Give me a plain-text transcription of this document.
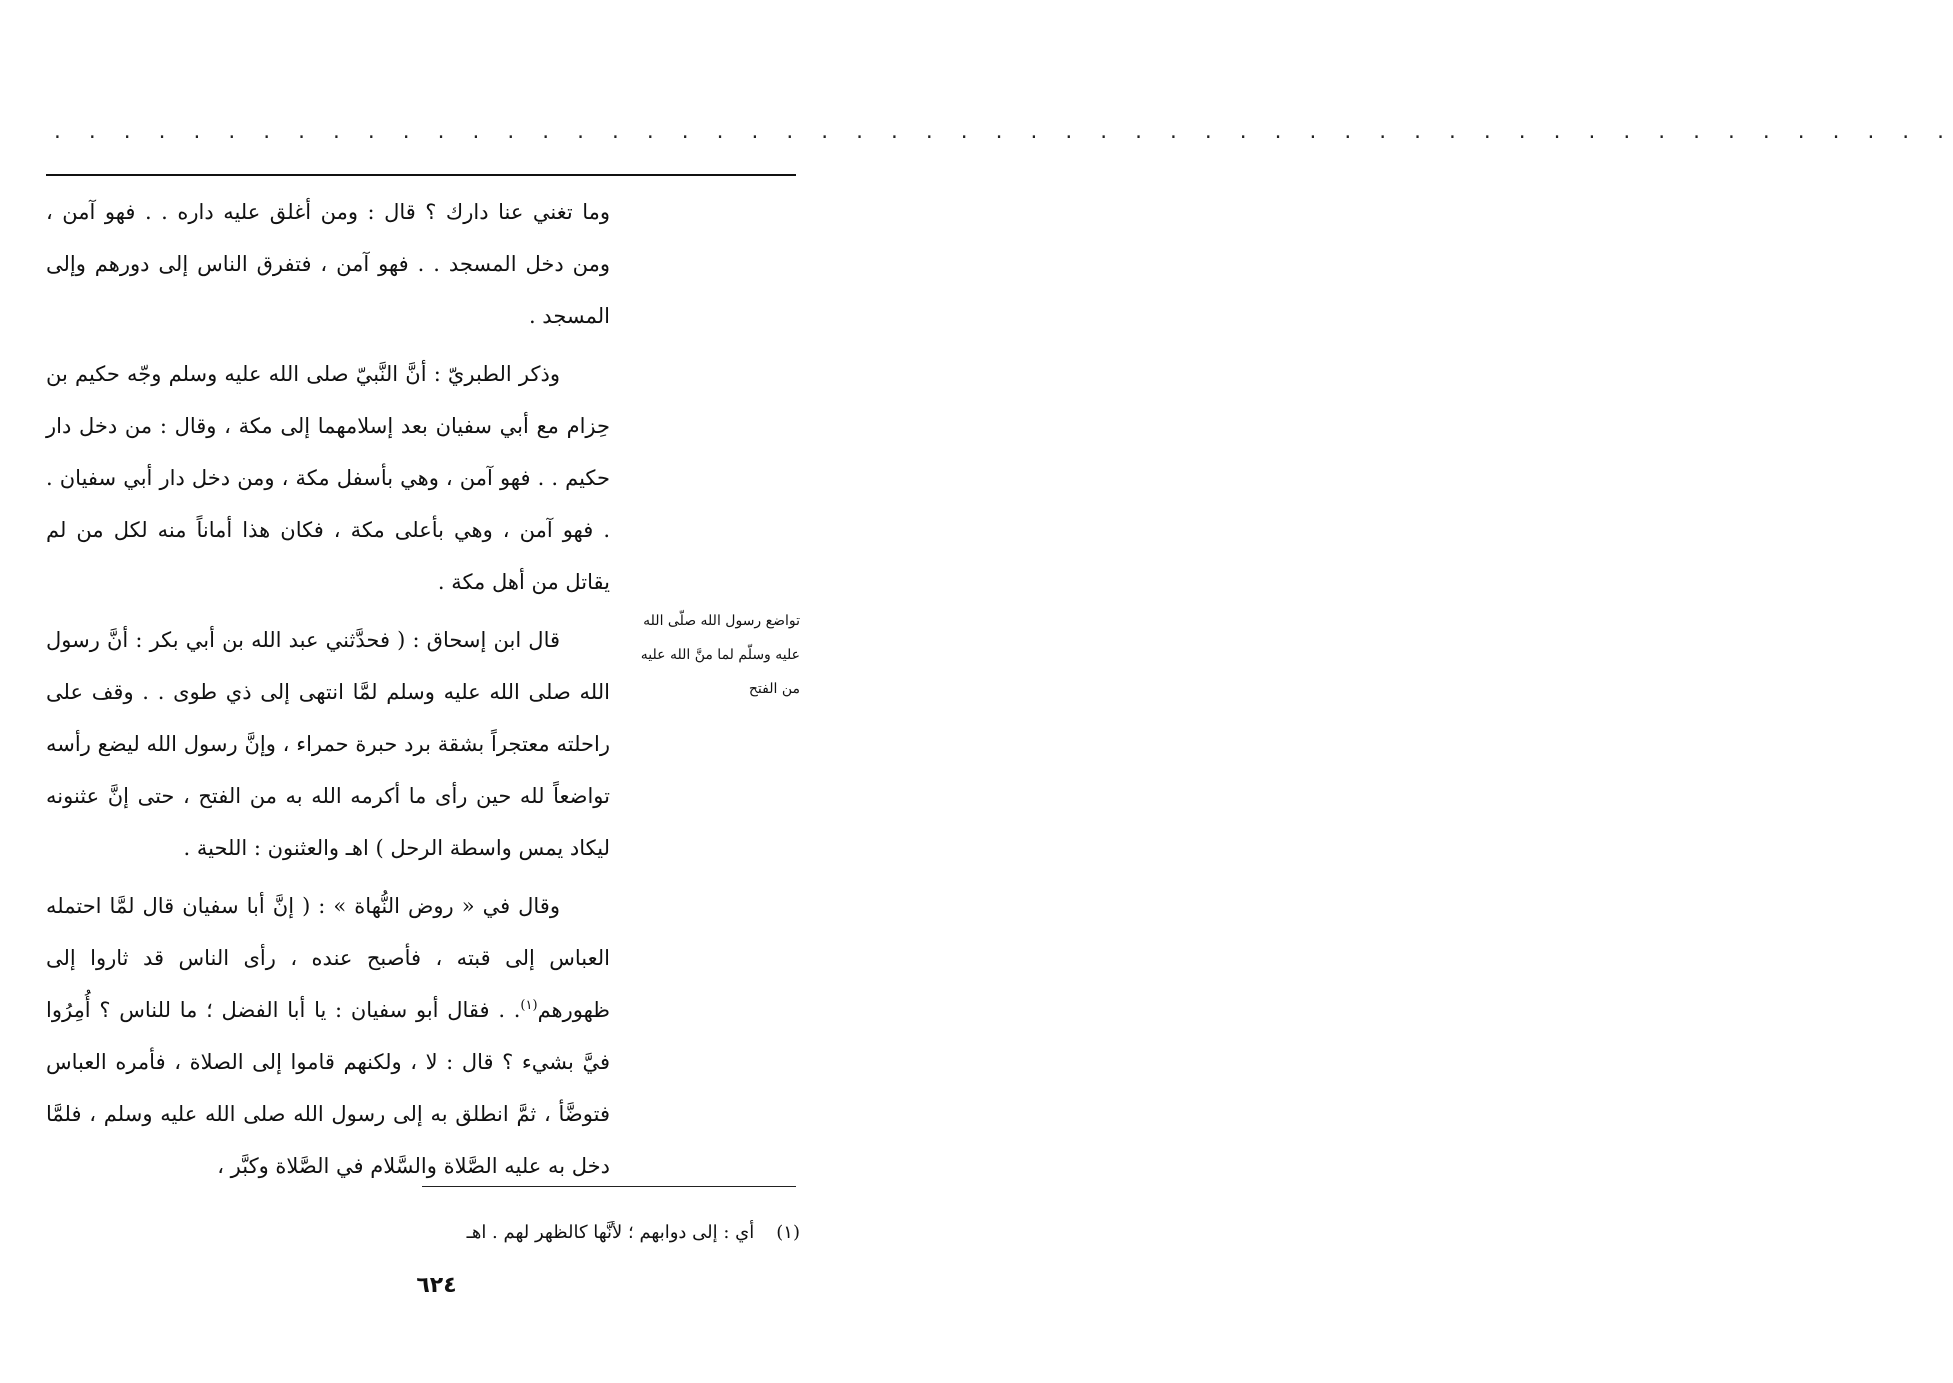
. . . . . . . . . . . . . . . . . . . . . . . . . . . . . . . . . . . . . . . . . . . . . . . . . . . . . . .

وما تغني عنا دارك ؟ قال : ومن أغلق عليه داره . . فهو آمن ، ومن دخل المسجد . . فهو آمن ، فتفرق الناس إلى دورهم وإلى المسجد .

وذكر الطبريّ : أنَّ النَّبيّ صلى الله عليه وسلم وجّه حكيم بن حِزام مع أبي سفيان بعد إسلامهما إلى مكة ، وقال : من دخل دار حكيم . . فهو آمن ، وهي بأسفل مكة ، ومن دخل دار أبي سفيان . . فهو آمن ، وهي بأعلى مكة ، فكان هذا أماناً منه لكل من لم يقاتل من أهل مكة .

قال ابن إسحاق : ( فحدَّثني عبد الله بن أبي بكر : أنَّ رسول الله صلى الله عليه وسلم لمَّا انتهى إلى ذي طوى . . وقف على راحلته معتجراً بشقة برد حبرة حمراء ، وإنَّ رسول الله ليضع رأسه تواضعاً لله حين رأى ما أكرمه الله به من الفتح ، حتى إنَّ عثنونه ليكاد يمس واسطة الرحل ) اهـ والعثنون : اللحية .

وقال في « روض النُّهاة » : ( إنَّ أبا سفيان قال لمَّا احتمله العباس إلى قبته ، فأصبح عنده ، رأى الناس قد ثاروا إلى ظهورهم$^{(١)}$. . فقال أبو سفيان : يا أبا الفضل ؛ ما للناس ؟ أُمِرُوا فيَّ بشيء ؟ قال : لا ، ولكنهم قاموا إلى الصلاة ، فأمره العباس فتوضَّأ ، ثمَّ انطلق به إلى رسول الله صلى الله عليه وسلم ، فلمَّا دخل به عليه الصَّلاة والسَّلام في الصَّلاة وكبَّر ،

تواضع رسول الله صلّى الله عليه وسلّم لما منَّ الله عليه من الفتح
(١)أي : إلى دوابهم ؛ لأنَّها كالظهر لهم . اهـ
٦٢٤
